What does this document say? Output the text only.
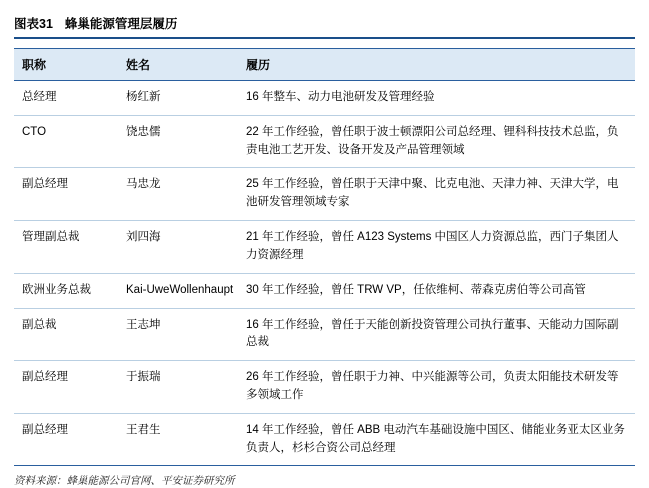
图表31 蜂巢能源管理层履历
职称	姓名	履历
总经理	杨红新	16 年整车、动力电池研发及管理经验
CTO	饶忠儒	22 年工作经验，曾任职于波士顿漂阳公司总经理、锂科科技技术总监，负责电池工艺开发、设备开发及产品管理领域
副总经理	马忠龙	25 年工作经验，曾任职于天津中聚、比克电池、天津力神、天津大学，电池研发管理领域专家
管理副总裁	刘四海	21 年工作经验，曾任 A123 Systems 中国区人力资源总监，西门子集团人力资源经理
欧洲业务总裁	Kai-UweWollenhaupt	30 年工作经验，曾任 TRW VP，任依维柯、蒂森克虏伯等公司高管
副总裁	王志坤	16 年工作经验，曾任于天能创新投资管理公司执行董事、天能动力国际副总裁
副总经理	于振瑞	26 年工作经验，曾任职于力神、中兴能源等公司，负责太阳能技术研发等多领域工作
副总经理	王君生	14 年工作经验，曾任 ABB 电动汽车基础设施中国区、储能业务亚太区业务负责人，杉杉合资公司总经理
资料来源：蜂巢能源公司官网、平安证券研究所
